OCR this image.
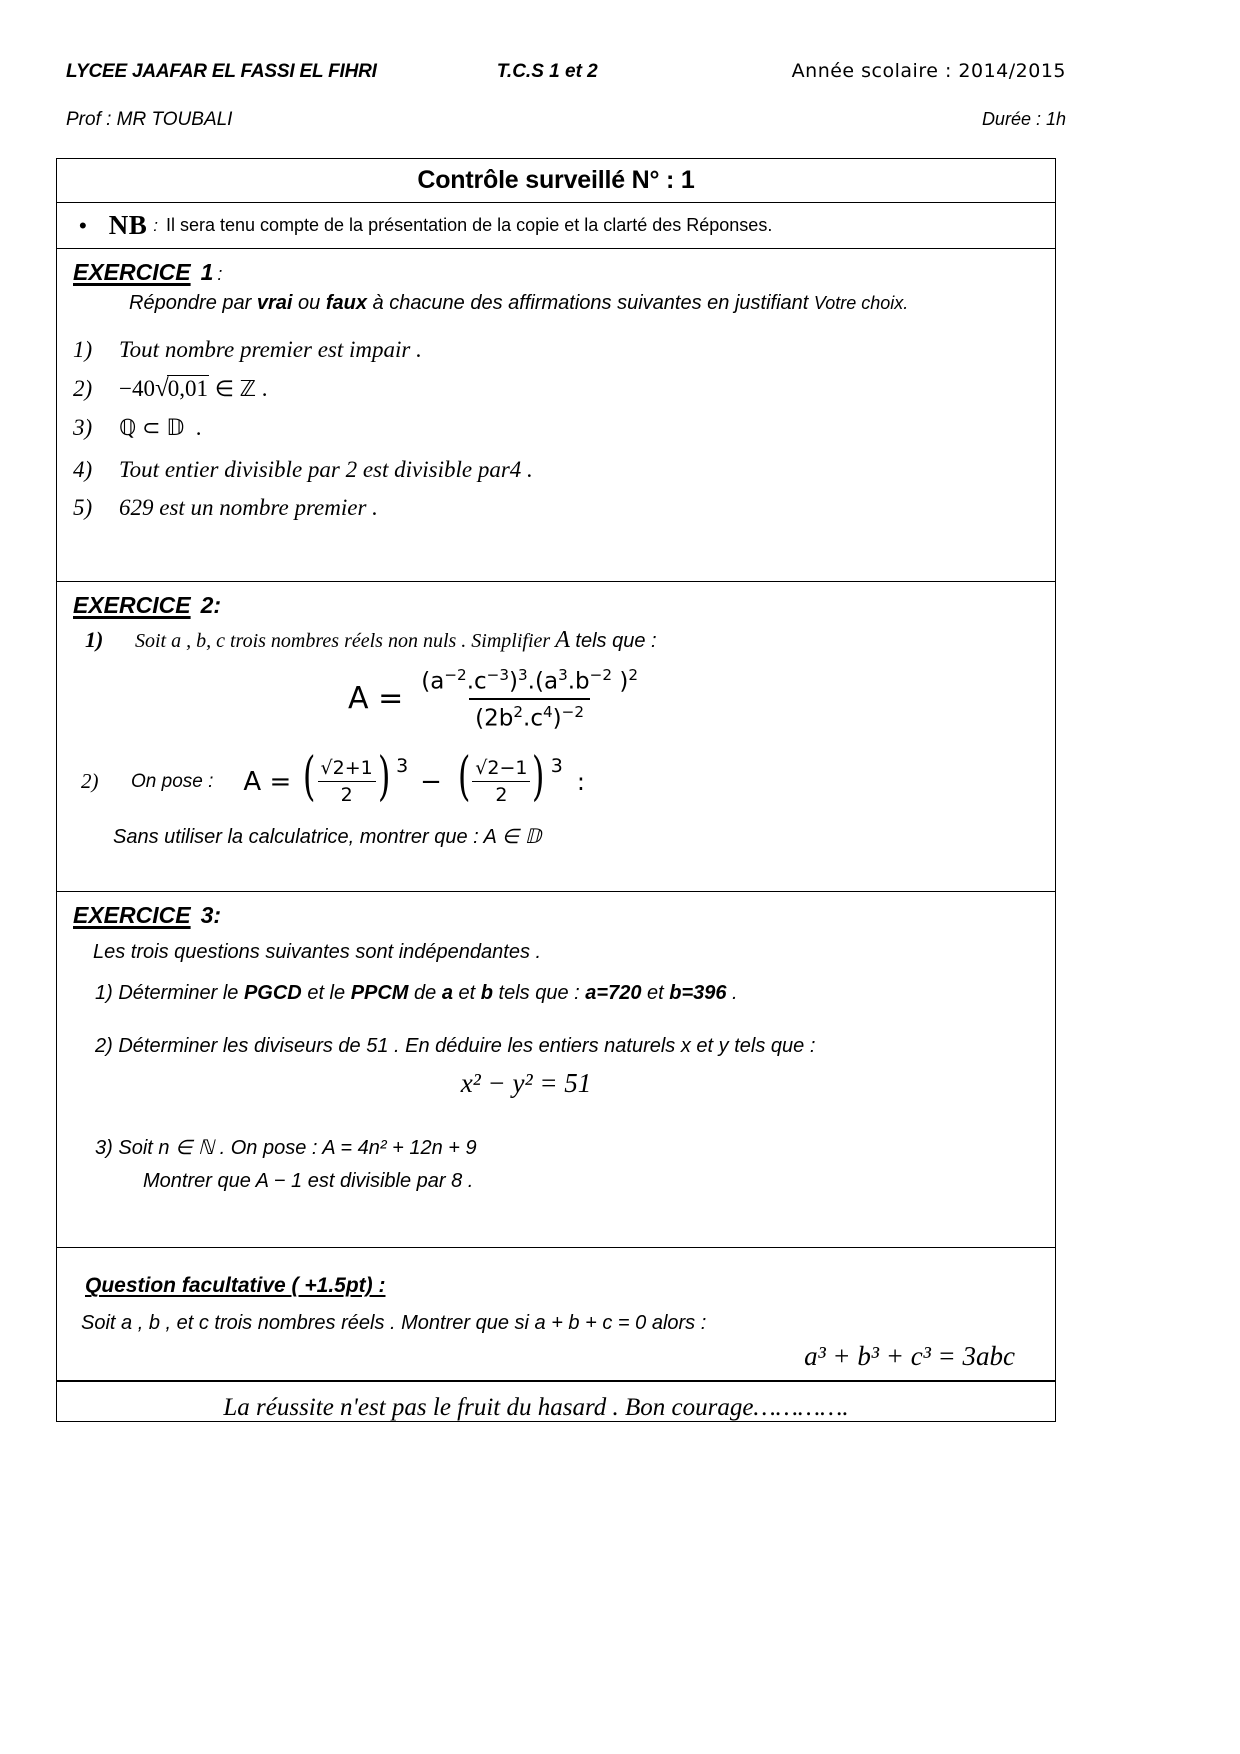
LYCEE JAAFAR EL FASSI EL FIHRI	T.C.S 1 et 2	Année scolaire : 2014/2015
Prof : MR TOUBALI	Durée : 1h
Contrôle surveillé N° : 1
• NB : Il sera tenu compte de la présentation de la copie et la clarté des Réponses.
EXERCICE 1 :
Répondre par vrai ou faux à chacune des affirmations suivantes en justifiant Votre choix.
1)	Tout nombre premier est impair .
2)	−40√0,01 ∈ ℤ .
3)	ℚ ⊂ 𝔻 .
4)	Tout entier divisible par 2 est divisible par4 .
5)	629 est un nombre premier .
EXERCICE 2:
1)	Soit a , b, c trois nombres réels non nuls . Simplifier A tels que :
$A = \frac{(a^{-2}.c^{-3})^3.(a^3.b^{-2} )^2}{(2b^2.c^4)^{-2}}$
2)	On pose : A = ( $\frac{√2+1}{2}$ ) 3
− ( $\frac{√2-1}{2}$ ) 3
:
Sans utiliser la calculatrice, montrer que : A ∈ 𝔻
EXERCICE 3:
Les trois questions suivantes sont indépendantes .
1) Déterminer le PGCD et le PPCM de a et b tels que : a=720 et b=396 .
2) Déterminer les diviseurs de 51 . En déduire les entiers naturels x et y tels que :
x² − y² = 51
3) Soit n ∈ ℕ . On pose : A = 4n² + 12n + 9
Montrer que A − 1 est divisible par 8 .
Question facultative ( +1.5pt) :
Soit a , b , et c trois nombres réels . Montrer que si a + b + c = 0 alors :
a³ + b³ + c³ = 3abc
La réussite n'est pas le fruit du hasard . Bon courage………….
